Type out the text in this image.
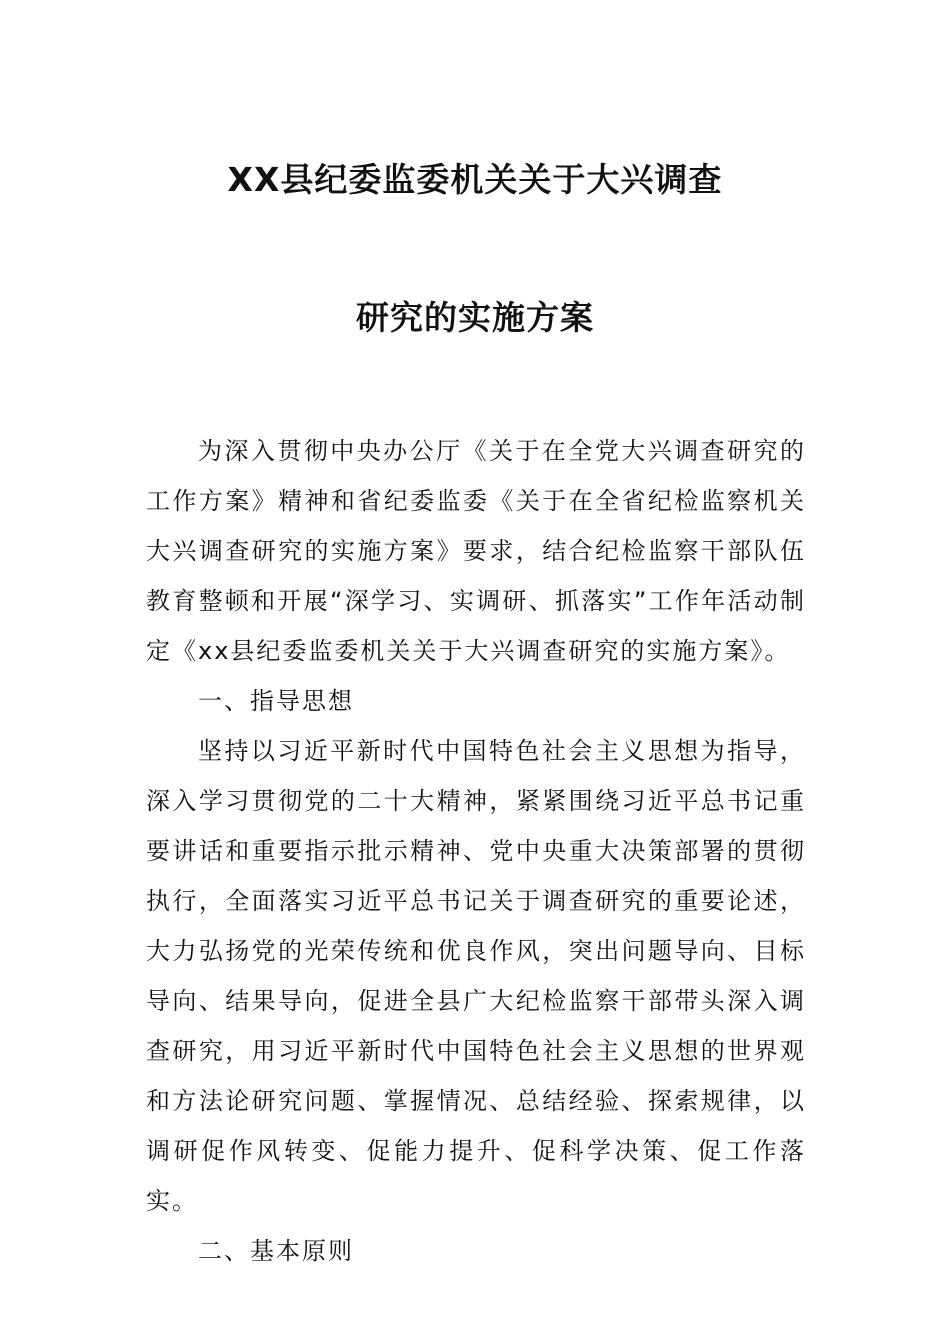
XX县纪委监委机关关于大兴调查
研究的实施方案

为深入贯彻中央办公厅《关于在全党大兴调查研究的工作方案》精神和省纪委监委《关于在全省纪检监察机关大兴调查研究的实施方案》要求，结合纪检监察干部队伍教育整顿和开展“深学习、实调研、抓落实”工作年活动制定《xx县纪委监委机关关于大兴调查研究的实施方案》。

一、指导思想

坚持以习近平新时代中国特色社会主义思想为指导，深入学习贯彻党的二十大精神，紧紧围绕习近平总书记重要讲话和重要指示批示精神、党中央重大决策部署的贯彻执行，全面落实习近平总书记关于调查研究的重要论述，大力弘扬党的光荣传统和优良作风，突出问题导向、目标导向、结果导向，促进全县广大纪检监察干部带头深入调查研究，用习近平新时代中国特色社会主义思想的世界观和方法论研究问题、掌握情况、总结经验、探索规律，以调研促作风转变、促能力提升、促科学决策、促工作落实。

二、基本原则
